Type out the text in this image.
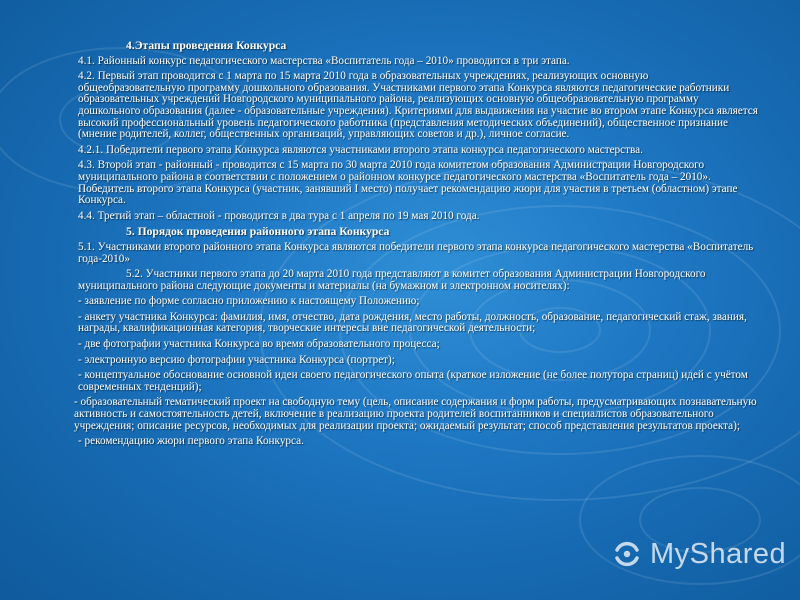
4.Этапы проведения Конкурса

4.1. Районный конкурс педагогического мастерства «Воспитатель года – 2010» проводится в три этапа.

4.2. Первый этап проводится с 1 марта по 15 марта 2010 года в образовательных учреждениях, реализующих основную общеобразовательную программу дошкольного образования. Участниками первого этапа Конкурса являются педагогические работники образовательных учреждений Новгородского муниципального района, реализующих основную общеобразовательную программу дошкольного образования (далее - образовательные учреждения). Критериями для выдвижения на участие во втором этапе Конкурса является высокий профессиональный уровень педагогического работника (представления методических объединений), общественное признание (мнение родителей, коллег, общественных организаций, управляющих советов и др.), личное согласие.

4.2.1. Победители первого этапа Конкурса являются участниками второго этапа конкурса педагогического мастерства.

4.3. Второй этап - районный - проводится с 15 марта по 30 марта 2010 года комитетом образования Администрации Новгородского муниципального района в соответствии с положением о районном конкурсе педагогического мастерства «Воспитатель года – 2010». Победитель второго этапа Конкурса (участник, занявший I место) получает рекомендацию жюри для участия в третьем (областном) этапе Конкурса.

4.4. Третий этап – областной - проводится в два тура с 1 апреля по 19 мая 2010 года.

5. Порядок проведения районного этапа Конкурса

5.1. Участниками второго районного этапа Конкурса являются победители первого этапа конкурса педагогического мастерства «Воспитатель года-2010»

5.2. Участники первого этапа до 20 марта 2010 года представляют в комитет образования Администрации Новгородского муниципального района следующие документы и материалы (на бумажном и электронном носителях):

- заявление по форме согласно приложению к настоящему Положению;

- анкету участника Конкурса: фамилия, имя, отчество, дата рождения, место работы, должность, образование, педагогический стаж, звания, награды, квалификационная категория, творческие интересы вне педагогической деятельности;

- две фотографии участника Конкурса во время образовательного процесса;

- электронную версию фотографии участника Конкурса (портрет);

- концептуальное обоснование основной идеи своего педагогического опыта (краткое изложение (не более полутора страниц) идей с учётом современных тенденций);

- образовательный тематический проект на свободную тему (цель, описание содержания и форм работы, предусматривающих познавательную активность и самостоятельность детей, включение в реализацию проекта родителей воспитанников и специалистов образовательного учреждения; описание ресурсов, необходимых для реализации проекта; ожидаемый результат; способ представления результатов проекта);

- рекомендацию жюри первого этапа Конкурса.

MyShared
